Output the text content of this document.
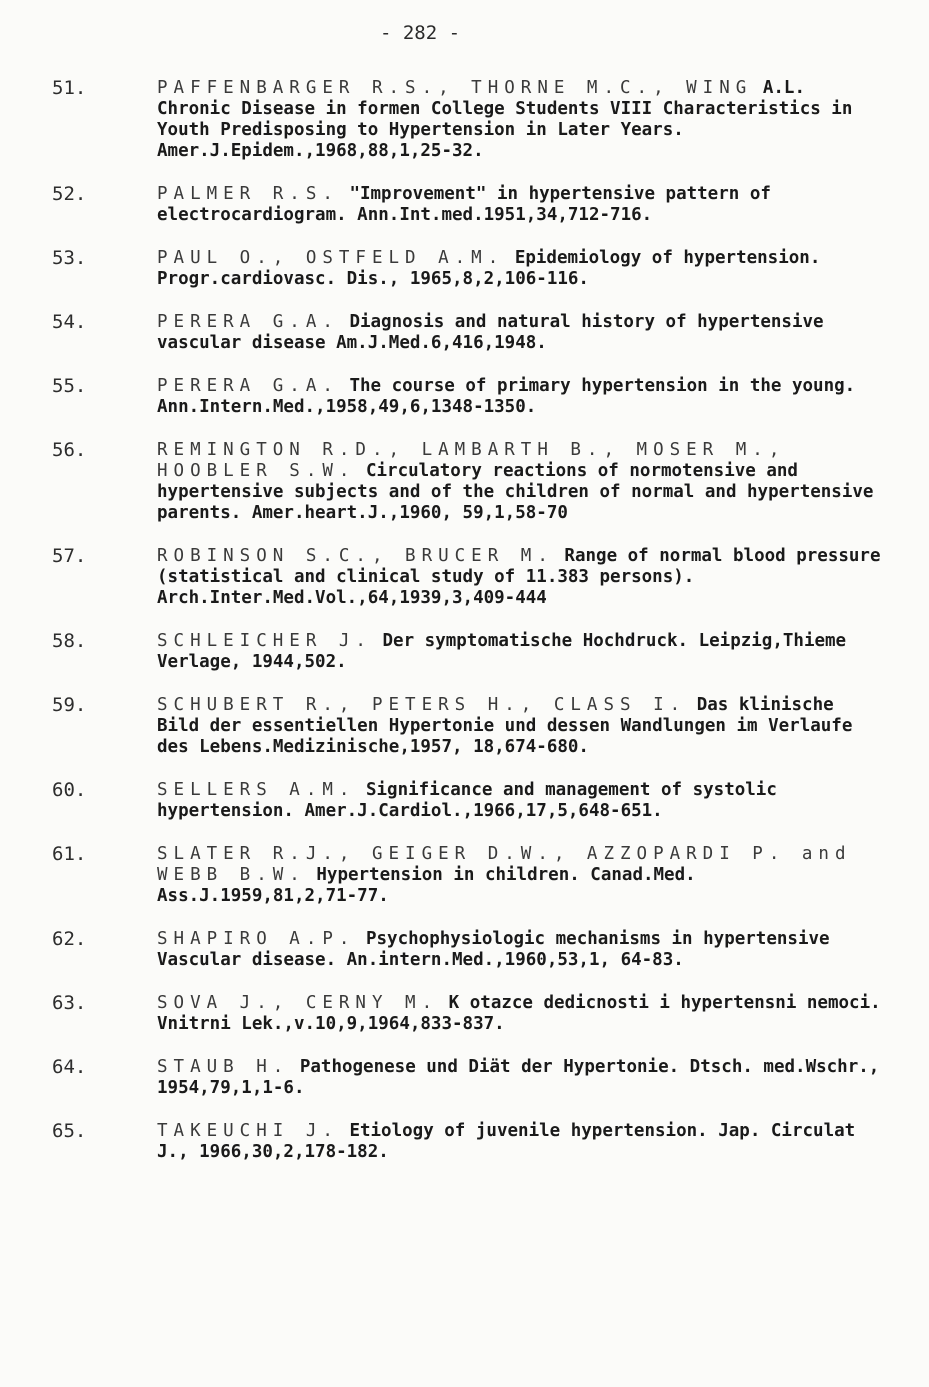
- 282 -
51.	PAFFENBARGER R.S., THORNE M.C., WING A.L. Chronic Disease in formen College Students VIII Characteristics in Youth Predisposing to Hypertension in Later Years. Amer.J.Epidem.,1968,88,1,25-32.
52.	PALMER R.S. "Improvement" in hypertensive pattern of electrocardiogram. Ann.Int.med.1951,34,712-716.
53.	PAUL O., OSTFELD A.M. Epidemiology of hypertension. Progr.cardiovasc. Dis., 1965,8,2,106-116.
54.	PERERA G.A. Diagnosis and natural history of hypertensive vascular disease Am.J.Med.6,416,1948.
55.	PERERA G.A. The course of primary hypertension in the young. Ann.Intern.Med.,1958,49,6,1348-1350.
56.	REMINGTON R.D., LAMBARTH B., MOSER M., HOOBLER S.W. Circulatory reactions of normotensive and hypertensive subjects and of the children of normal and hypertensive parents. Amer.heart.J.,1960, 59,1,58-70
57.	ROBINSON S.C., BRUCER M. Range of normal blood pressure (statistical and clinical study of 11.383 persons). Arch.Inter.Med.Vol.,64,1939,3,409-444
58.	SCHLEICHER J. Der symptomatische Hochdruck. Leipzig,Thieme Verlage, 1944,502.
59.	SCHUBERT R., PETERS H., CLASS I. Das klinische Bild der essentiellen Hypertonie und dessen Wandlungen im Verlaufe des Lebens.Medizinische,1957, 18,674-680.
60.	SELLERS A.M. Significance and management of systolic hypertension. Amer.J.Cardiol.,1966,17,5,648-651.
61.	SLATER R.J., GEIGER D.W., AZZOPARDI P. and WEBB B.W. Hypertension in children. Canad.Med. Ass.J.1959,81,2,71-77.
62.	SHAPIRO A.P. Psychophysiologic mechanisms in hypertensive Vascular disease. An.intern.Med.,1960,53,1, 64-83.
63.	SOVA J., CERNY M. K otazce dedicnosti i hypertensni nemoci. Vnitrni Lek.,v.10,9,1964,833-837.
64.	STAUB H. Pathogenese und Diät der Hypertonie. Dtsch. med.Wschr., 1954,79,1,1-6.
65.	TAKEUCHI J. Etiology of juvenile hypertension. Jap. Circulat J., 1966,30,2,178-182.
